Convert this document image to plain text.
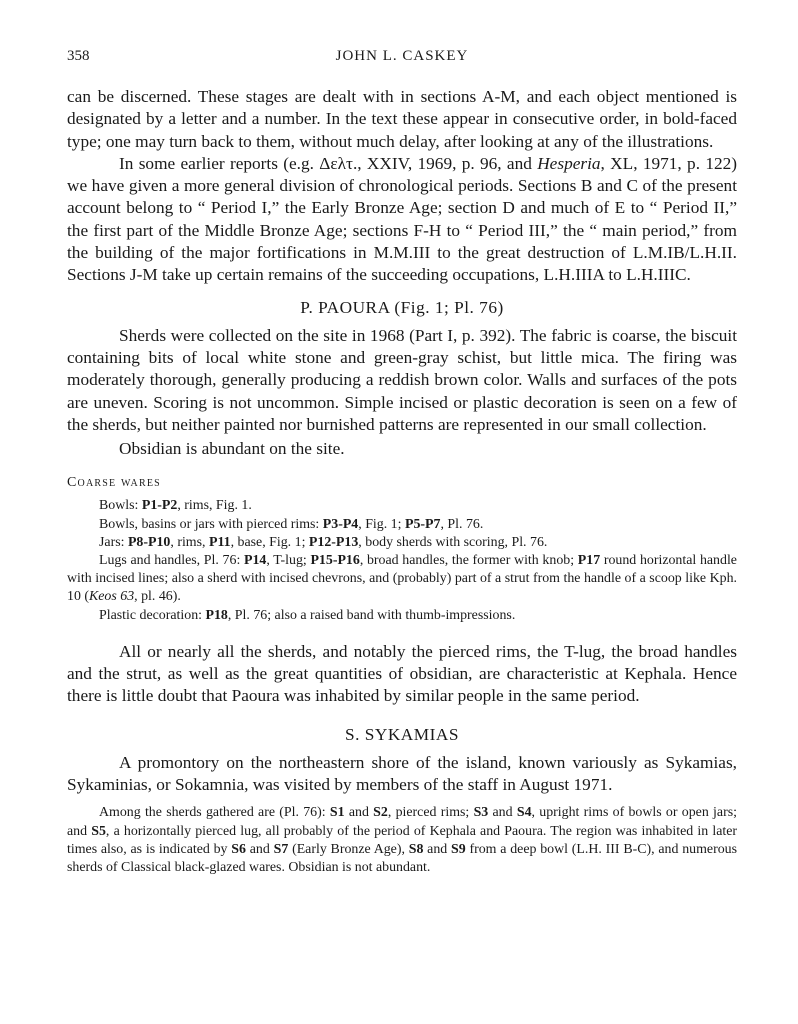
358	JOHN L. CASKEY

can be discerned. These stages are dealt with in sections A-M, and each object mentioned is designated by a letter and a number. In the text these appear in consecutive order, in bold-faced type; one may turn back to them, without much delay, after looking at any of the illustrations.

In some earlier reports (e.g. Δελτ., XXIV, 1969, p. 96, and Hesperia, XL, 1971, p. 122) we have given a more general division of chronological periods. Sections B and C of the present account belong to “ Period I,” the Early Bronze Age; section D and much of E to “ Period II,” the first part of the Middle Bronze Age; sections F-H to “ Period III,” the “ main period,” from the building of the major fortifications in M.M.III to the great destruction of L.M.IB/L.H.II. Sections J-M take up certain remains of the succeeding occupations, L.H.IIIA to L.H.IIIC.

P. PAOURA (Fig. 1; Pl. 76)

Sherds were collected on the site in 1968 (Part I, p. 392). The fabric is coarse, the biscuit containing bits of local white stone and green-gray schist, but little mica. The firing was moderately thorough, generally producing a reddish brown color. Walls and surfaces of the pots are uneven. Scoring is not uncommon. Simple incised or plastic decoration is seen on a few of the sherds, but neither painted nor burnished patterns are represented in our small collection.

Obsidian is abundant on the site.

Coarse wares

Bowls: P1-P2, rims, Fig. 1.

Bowls, basins or jars with pierced rims: P3-P4, Fig. 1; P5-P7, Pl. 76.

Jars: P8-P10, rims, P11, base, Fig. 1; P12-P13, body sherds with scoring, Pl. 76.

Lugs and handles, Pl. 76: P14, T-lug; P15-P16, broad handles, the former with knob; P17 round horizontal handle with incised lines; also a sherd with incised chevrons, and (probably) part of a strut from the handle of a scoop like Kph. 10 (Keos 63, pl. 46).

Plastic decoration: P18, Pl. 76; also a raised band with thumb-impressions.

All or nearly all the sherds, and notably the pierced rims, the T-lug, the broad handles and the strut, as well as the great quantities of obsidian, are characteristic at Kephala. Hence there is little doubt that Paoura was inhabited by similar people in the same period.

S. SYKAMIAS

A promontory on the northeastern shore of the island, known variously as Sykamias, Sykaminias, or Sokamnia, was visited by members of the staff in August 1971.

Among the sherds gathered are (Pl. 76): S1 and S2, pierced rims; S3 and S4, upright rims of bowls or open jars; and S5, a horizontally pierced lug, all probably of the period of Kephala and Paoura. The region was inhabited in later times also, as is indicated by S6 and S7 (Early Bronze Age), S8 and S9 from a deep bowl (L.H. III B-C), and numerous sherds of Classical black-glazed wares. Obsidian is not abundant.
